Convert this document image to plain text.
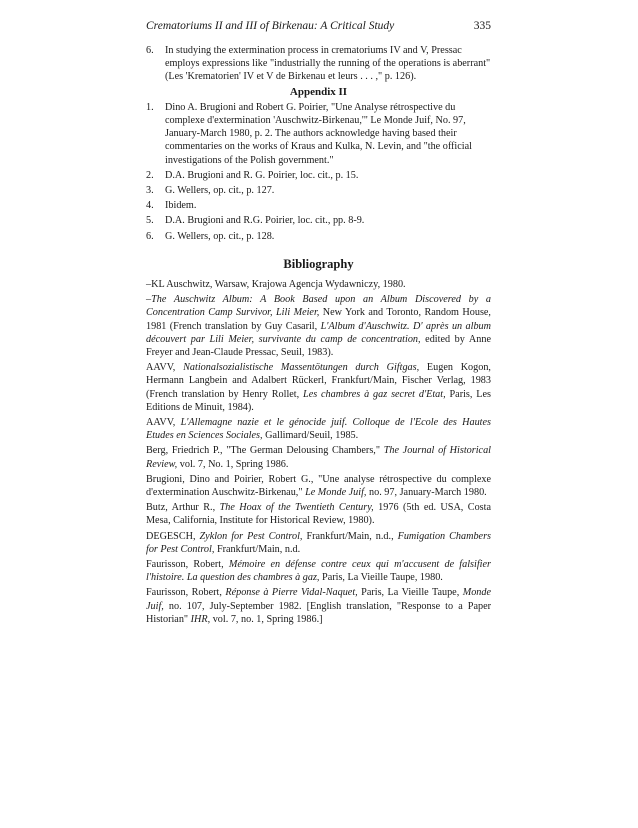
Crematoriums II and III of Birkenau: A Critical Study	335
6.	In studying the extermination process in crematoriums IV and V, Pressac employs expressions like "industrially the running of the operations is aberrant" (Les 'Krematorien' IV et V de Birkenau et leurs . . . ," p. 126).
Appendix II
1.	Dino A. Brugioni and Robert G. Poirier, "Une Analyse rétrospective du complexe d'extermination 'Auschwitz-Birkenau,'" Le Monde Juif, No. 97, January-March 1980, p. 2. The authors acknowledge having based their commentaries on the works of Kraus and Kulka, N. Levin, and "the official investigations of the Polish government."
2.	D.A. Brugioni and R. G. Poirier, loc. cit., p. 15.
3.	G. Wellers, op. cit., p. 127.
4.	Ibidem.
5.	D.A. Brugioni and R.G. Poirier, loc. cit., pp. 8-9.
6.	G. Wellers, op. cit., p. 128.
Bibliography
–KL Auschwitz, Warsaw, Krajowa Agencja Wydawniczy, 1980.
–The Auschwitz Album: A Book Based upon an Album Discovered by a Concentration Camp Survivor, Lili Meier, New York and Toronto, Random House, 1981 (French translation by Guy Casaril, L'Album d'Auschwitz. D' après un album découvert par Lili Meier, survivante du camp de concentration, edited by Anne Freyer and Jean-Claude Pressac, Seuil, 1983).
AAVV, Nationalsozialistische Massentötungen durch Giftgas, Eugen Kogon, Hermann Langbein and Adalbert Rückerl, Frankfurt/Main, Fischer Verlag, 1983 (French translation by Henry Rollet, Les chambres à gaz secret d'Etat, Paris, Les Editions de Minuit, 1984).
AAVV, L'Allemagne nazie et le génocide juif. Colloque de l'Ecole des Hautes Etudes en Sciences Sociales, Gallimard/Seuil, 1985.
Berg, Friedrich P., "The German Delousing Chambers," The Journal of Historical Review, vol. 7, No. 1, Spring 1986.
Brugioni, Dino and Poirier, Robert G., "Une analyse rétrospective du complexe d'extermination Auschwitz-Birkenau," Le Monde Juif, no. 97, January-March 1980.
Butz, Arthur R., The Hoax of the Twentieth Century, 1976 (5th ed. USA, Costa Mesa, California, Institute for Historical Review, 1980).
DEGESCH, Zyklon for Pest Control, Frankfurt/Main, n.d., Fumigation Chambers for Pest Control, Frankfurt/Main, n.d.
Faurisson, Robert, Mémoire en défense contre ceux qui m'accusent de falsifier l'histoire. La question des chambres à gaz, Paris, La Vieille Taupe, 1980.
Faurisson, Robert, Réponse à Pierre Vidal-Naquet, Paris, La Vieille Taupe, Monde Juif, no. 107, July-September 1982. [English translation, "Response to a Paper Historian" IHR, vol. 7, no. 1, Spring 1986.]
